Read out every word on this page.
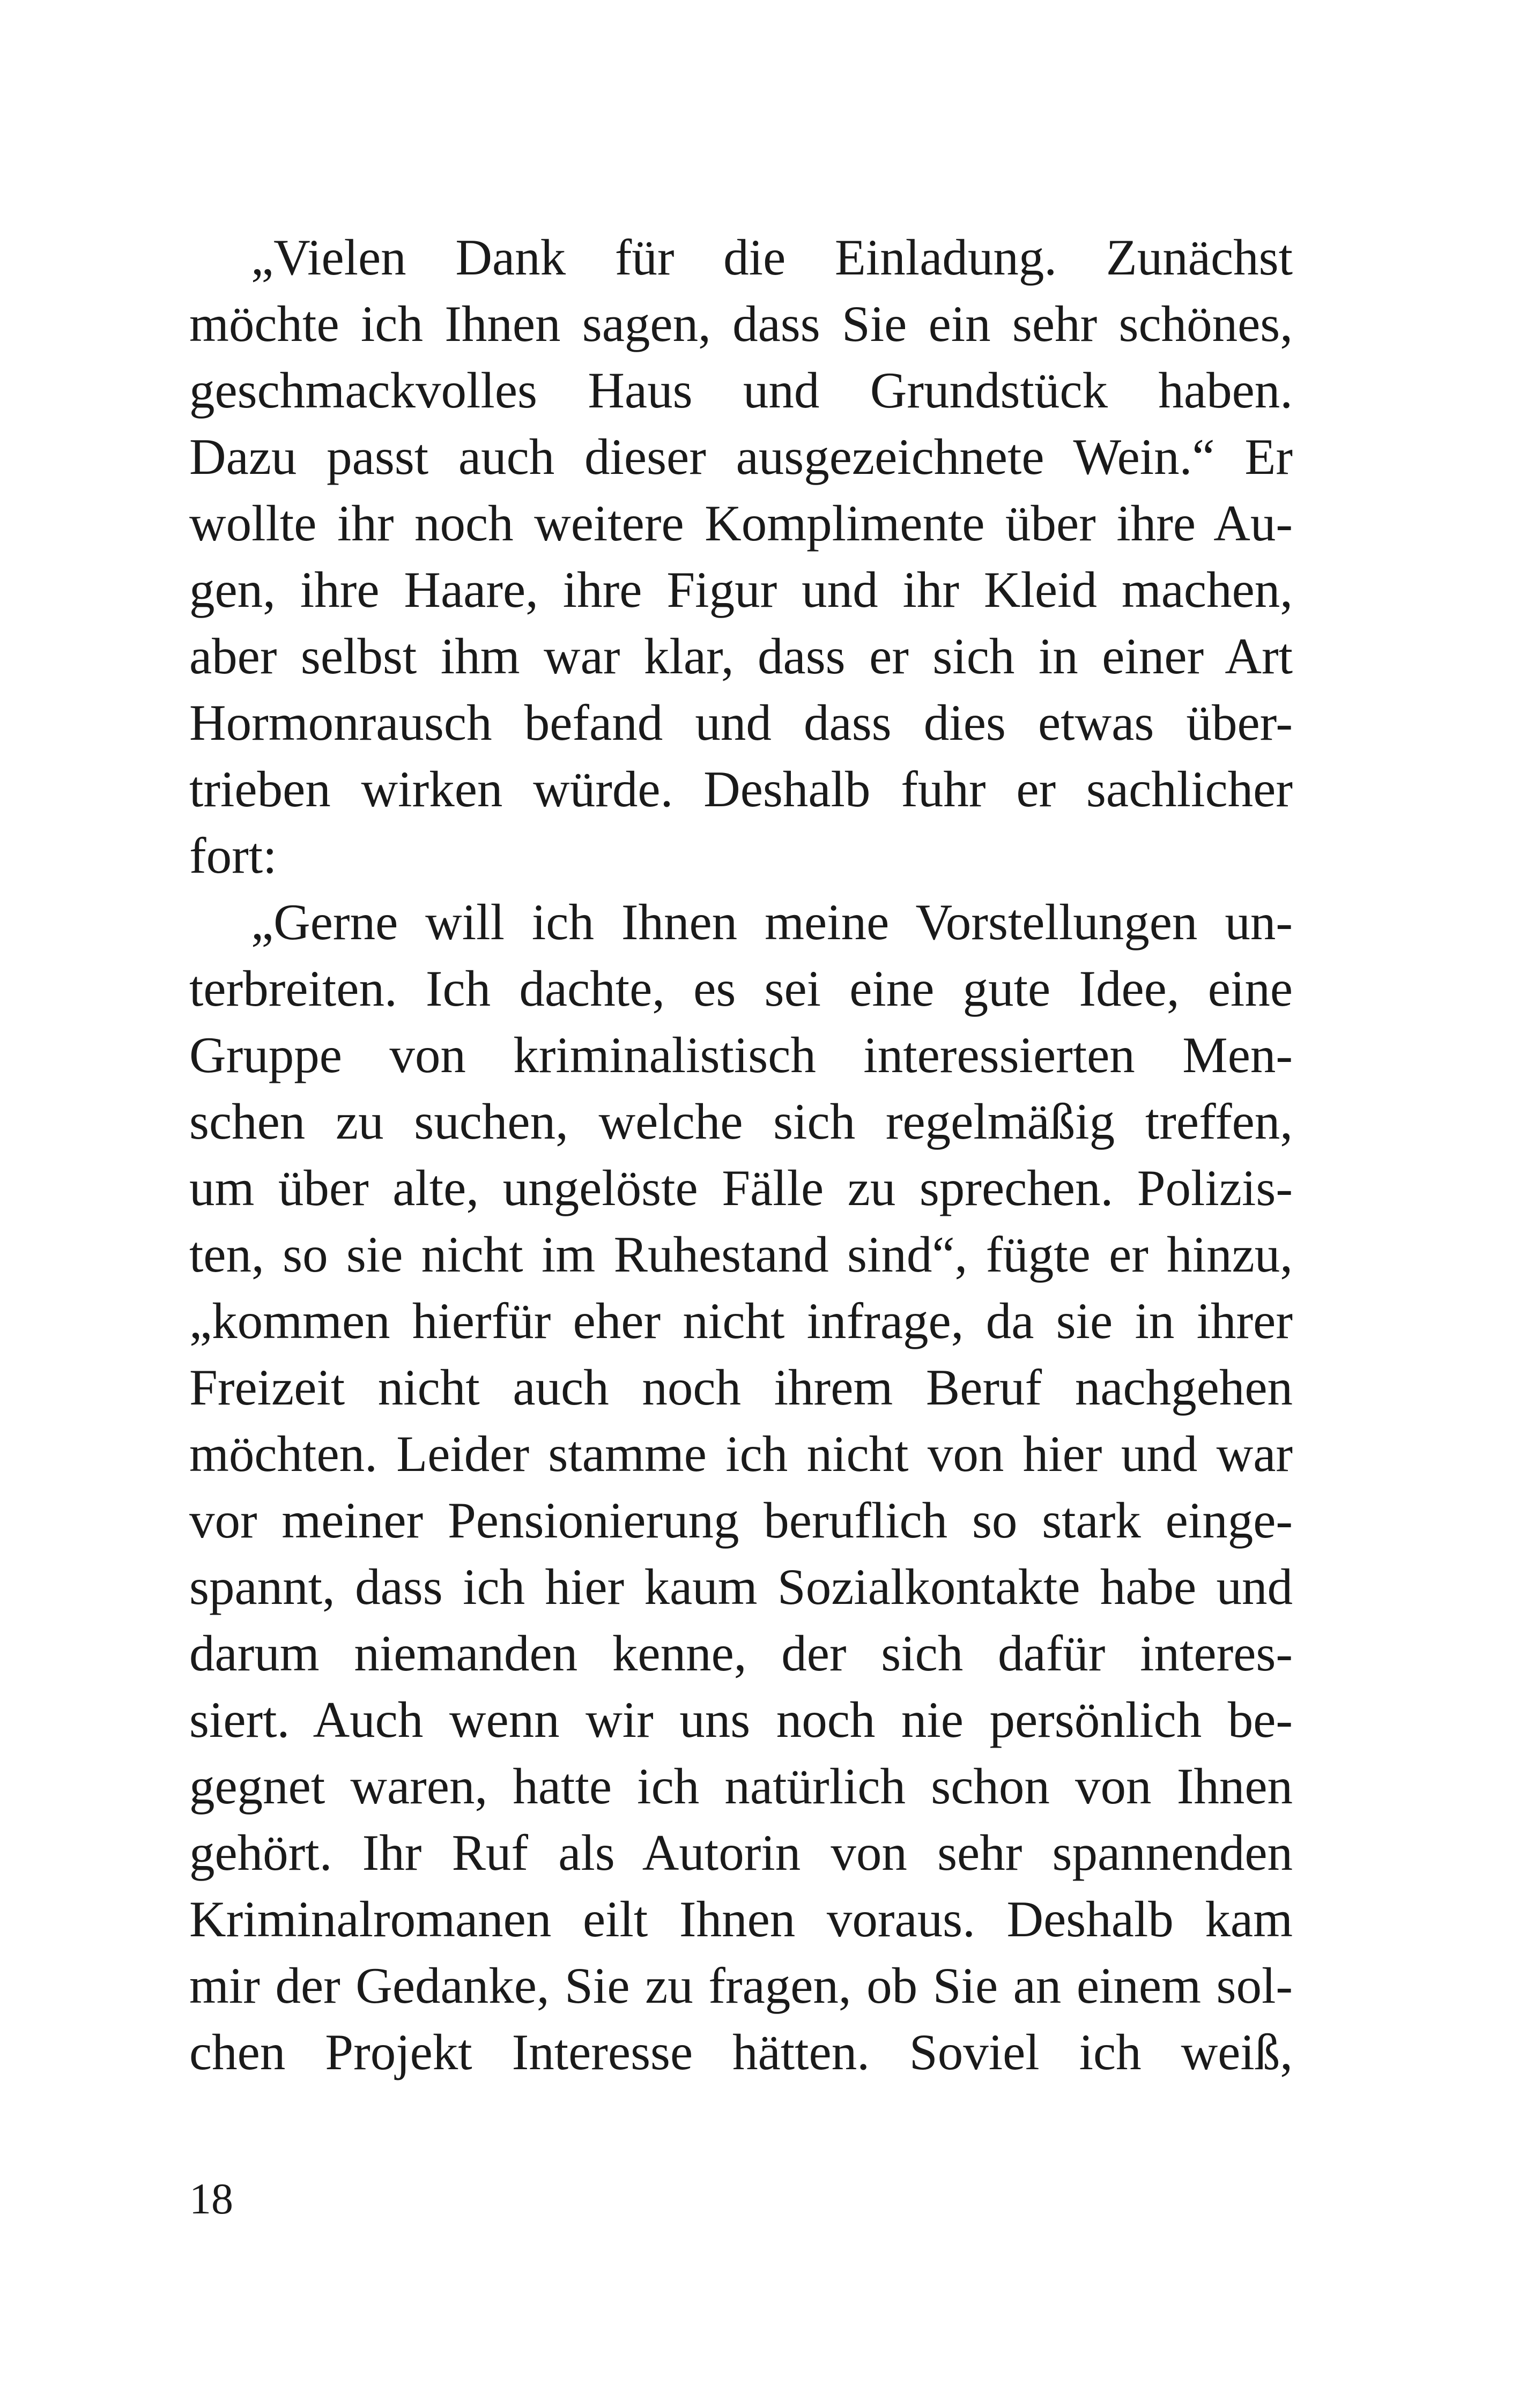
„Vielen Dank für die Einladung. Zunächst
möchte ich Ihnen sagen, dass Sie ein sehr schönes,
geschmackvolles Haus und Grundstück haben.
Dazu passt auch dieser ausgezeichnete Wein.“ Er
wollte ihr noch weitere Komplimente über ihre Au-
gen, ihre Haare, ihre Figur und ihr Kleid machen,
aber selbst ihm war klar, dass er sich in einer Art
Hormonrausch befand und dass dies etwas über-
trieben wirken würde. Deshalb fuhr er sachlicher
fort:
„Gerne will ich Ihnen meine Vorstellungen un-
terbreiten. Ich dachte, es sei eine gute Idee, eine
Gruppe von kriminalistisch interessierten Men-
schen zu suchen, welche sich regelmäßig treffen,
um über alte, ungelöste Fälle zu sprechen. Polizis-
ten, so sie nicht im Ruhestand sind“, fügte er hinzu,
„kommen hierfür eher nicht infrage, da sie in ihrer
Freizeit nicht auch noch ihrem Beruf nachgehen
möchten. Leider stamme ich nicht von hier und war
vor meiner Pensionierung beruflich so stark einge-
spannt, dass ich hier kaum Sozialkontakte habe und
darum niemanden kenne, der sich dafür interes-
siert. Auch wenn wir uns noch nie persönlich be-
gegnet waren, hatte ich natürlich schon von Ihnen
gehört. Ihr Ruf als Autorin von sehr spannenden
Kriminalromanen eilt Ihnen voraus. Deshalb kam
mir der Gedanke, Sie zu fragen, ob Sie an einem sol-
chen Projekt Interesse hätten. Soviel ich weiß,
18
